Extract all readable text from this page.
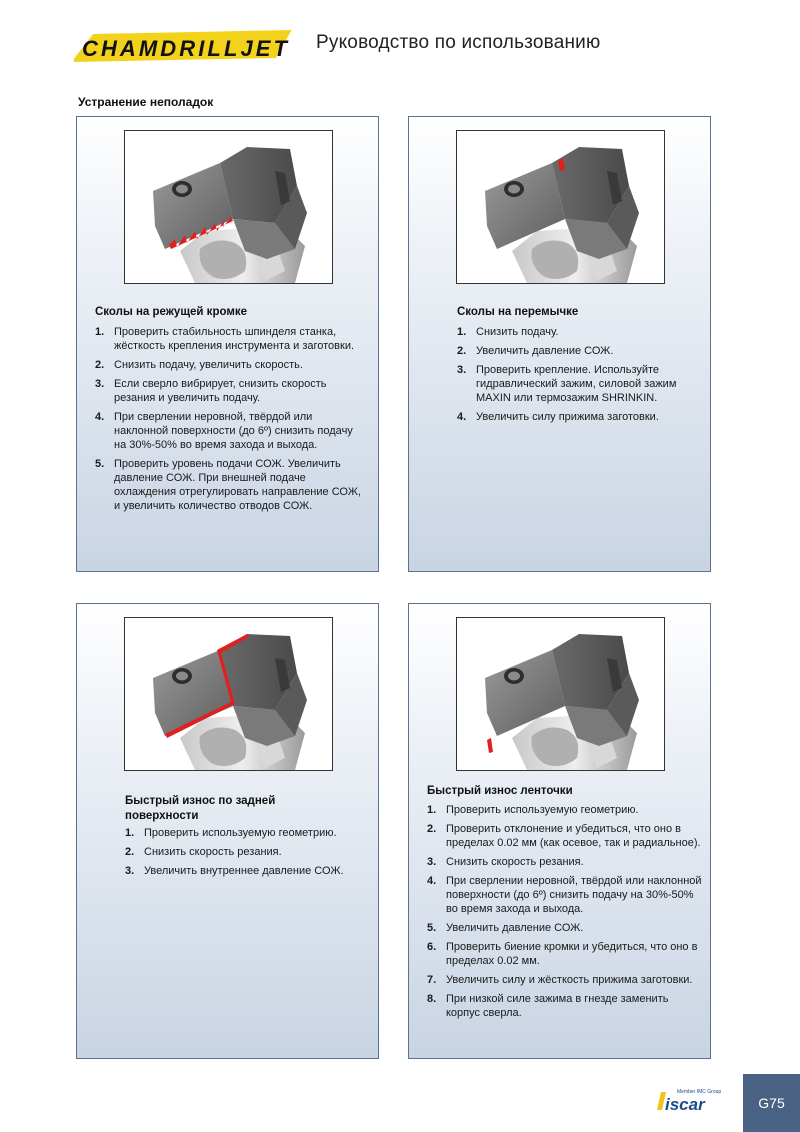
CHAMDRILLJET Руководство по использованию
Устранение неполадок
Сколы на режущей кромке
1. Проверить стабильность шпинделя станка, жёсткость крепления инструмента и заготовки.
2. Снизить подачу, увеличить скорость.
3. Если сверло вибрирует, снизить скорость резания и увеличить подачу.
4. При сверлении неровной, твёрдой или наклонной поверхности (до 6º) снизить подачу на 30%-50% во время захода и выхода.
5. Проверить уровень подачи СОЖ. Увеличить давление СОЖ. При внешней подаче охлаждения отрегулировать направление СОЖ, и увеличить количество отводов СОЖ.
Сколы на перемычке
1. Снизить подачу.
2. Увеличить давление СОЖ.
3. Проверить крепление. Используйте гидравлический зажим, силовой зажим MAXIN или термозажим SHRINKIN.
4. Увеличить силу прижима заготовки.
Быстрый износ по задней поверхности
1. Проверить используемую геометрию.
2. Снизить скорость резания.
3. Увеличить внутреннее давление СОЖ.
Быстрый износ ленточки
1. Проверить используемую геометрию.
2. Проверить отклонение и убедиться, что оно в пределах 0.02 мм (как осевое, так и радиальное).
3. Снизить скорость резания.
4. При сверлении неровной, твёрдой или наклонной поверхности (до 6º) снизить подачу на 30%-50% во время захода и выхода.
5. Увеличить давление СОЖ.
6. Проверить биение кромки и убедиться, что оно в пределах 0.02 мм.
7. Увеличить силу и жёсткость прижима заготовки.
8. При низкой силе зажима в гнезде заменить корпус сверла.
Member IMC Group
iscar	G75
